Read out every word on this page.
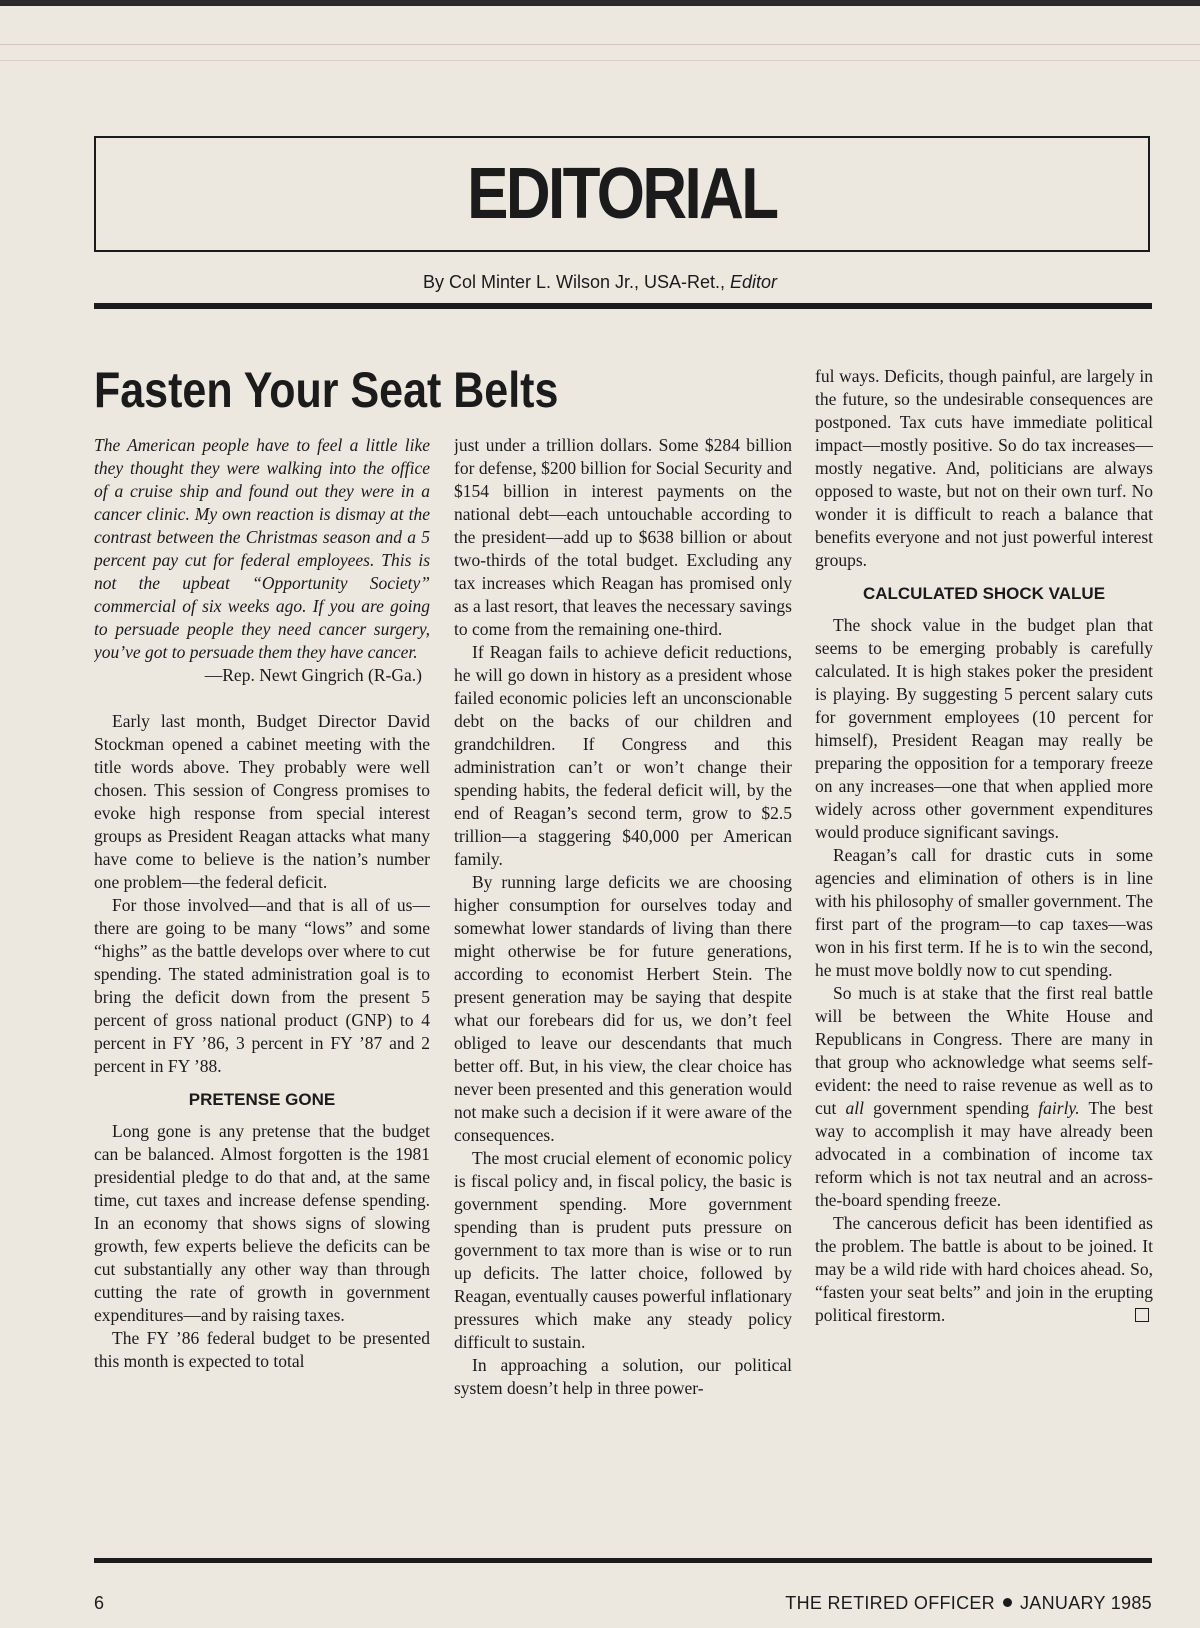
EDITORIAL
By Col Minter L. Wilson Jr., USA-Ret., Editor
Fasten Your Seat Belts

The American people have to feel a little like they thought they were walking into the office of a cruise ship and found out they were in a cancer clinic. My own reaction is dismay at the contrast between the Christmas season and a 5 percent pay cut for federal employees. This is not the upbeat “Opportunity Society” commercial of six weeks ago. If you are going to persuade people they need cancer surgery, you’ve got to persuade them they have cancer.

—Rep. Newt Gingrich (R-Ga.)

Early last month, Budget Director David Stockman opened a cabinet meeting with the title words above. They probably were well chosen. This session of Congress promises to evoke high response from special interest groups as President Reagan attacks what many have come to believe is the nation’s number one problem—the federal deficit.

For those involved—and that is all of us—there are going to be many “lows” and some “highs” as the battle develops over where to cut spending. The stated administration goal is to bring the deficit down from the present 5 percent of gross national product (GNP) to 4 percent in FY ’86, 3 percent in FY ’87 and 2 percent in FY ’88.

PRETENSE GONE

Long gone is any pretense that the budget can be balanced. Almost forgotten is the 1981 presidential pledge to do that and, at the same time, cut taxes and increase defense spending. In an economy that shows signs of slowing growth, few experts believe the deficits can be cut substantially any other way than through cutting the rate of growth in government expenditures—and by raising taxes.

The FY ’86 federal budget to be presented this month is expected to total

just under a trillion dollars. Some $284 billion for defense, $200 billion for Social Security and $154 billion in interest payments on the national debt—each untouchable according to the president—add up to $638 billion or about two-thirds of the total budget. Excluding any tax increases which Reagan has promised only as a last resort, that leaves the necessary savings to come from the remaining one-third.

If Reagan fails to achieve deficit reductions, he will go down in history as a president whose failed economic policies left an unconscionable debt on the backs of our children and grandchildren. If Congress and this administration can’t or won’t change their spending habits, the federal deficit will, by the end of Reagan’s second term, grow to $2.5 trillion—a staggering $40,000 per American family.

By running large deficits we are choosing higher consumption for ourselves today and somewhat lower standards of living than there might otherwise be for future generations, according to economist Herbert Stein. The present generation may be saying that despite what our forebears did for us, we don’t feel obliged to leave our descendants that much better off. But, in his view, the clear choice has never been presented and this generation would not make such a decision if it were aware of the consequences.

The most crucial element of economic policy is fiscal policy and, in fiscal policy, the basic is government spending. More government spending than is prudent puts pressure on government to tax more than is wise or to run up deficits. The latter choice, followed by Reagan, eventually causes powerful inflationary pressures which make any steady policy difficult to sustain.

In approaching a solution, our political system doesn’t help in three power-

ful ways. Deficits, though painful, are largely in the future, so the undesirable consequences are postponed. Tax cuts have immediate political impact—mostly positive. So do tax increases—mostly negative. And, politicians are always opposed to waste, but not on their own turf. No wonder it is difficult to reach a balance that benefits everyone and not just powerful interest groups.

CALCULATED SHOCK VALUE

The shock value in the budget plan that seems to be emerging probably is carefully calculated. It is high stakes poker the president is playing. By suggesting 5 percent salary cuts for government employees (10 percent for himself), President Reagan may really be preparing the opposition for a temporary freeze on any increases—one that when applied more widely across other government expenditures would produce significant savings.

Reagan’s call for drastic cuts in some agencies and elimination of others is in line with his philosophy of smaller government. The first part of the program—to cap taxes—was won in his first term. If he is to win the second, he must move boldly now to cut spending.

So much is at stake that the first real battle will be between the White House and Republicans in Congress. There are many in that group who acknowledge what seems self-evident: the need to raise revenue as well as to cut all government spending fairly. The best way to accomplish it may have already been advocated in a combination of income tax reform which is not tax neutral and an across-the-board spending freeze.

The cancerous deficit has been identified as the problem. The battle is about to be joined. It may be a wild ride with hard choices ahead. So, “fasten your seat belts” and join in the erupting political firestorm.

6	THE RETIRED OFFICER JANUARY 1985
